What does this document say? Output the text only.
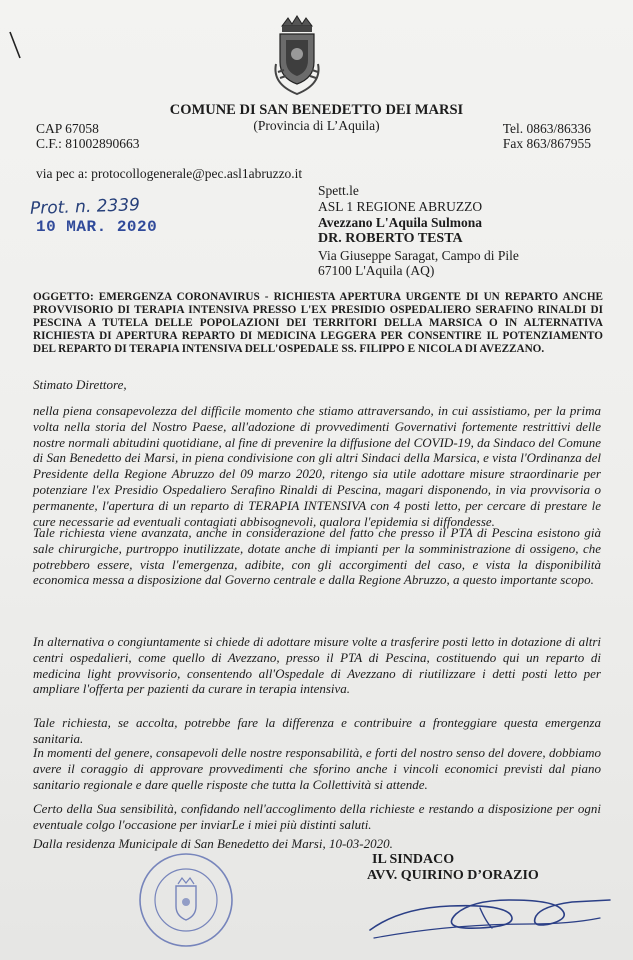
COMUNE DI SAN BENEDETTO DEI MARSI
(Provincia di L’Aquila)
CAP 67058
C.F.: 81002890663
Tel. 0863/86336
Fax 863/867955
via pec a: protocollogenerale@pec.asl1abruzzo.it
Prot. n. 2339
10 MAR. 2020
Spett.le
ASL 1 REGIONE ABRUZZO
Avezzano L'Aquila Sulmona
DR. ROBERTO TESTA
Via Giuseppe Saragat, Campo di Pile
67100 L'Aquila (AQ)
OGGETTO: EMERGENZA CORONAVIRUS - RICHIESTA APERTURA URGENTE DI UN REPARTO ANCHE PROVVISORIO DI TERAPIA INTENSIVA PRESSO L'EX PRESIDIO OSPEDALIERO SERAFINO RINALDI DI PESCINA A TUTELA DELLE POPOLAZIONI DEI TERRITORI DELLA MARSICA O IN ALTERNATIVA RICHIESTA DI APERTURA REPARTO DI MEDICINA LEGGERA PER CONSENTIRE IL POTENZIAMENTO DEL REPARTO DI TERAPIA INTENSIVA DELL'OSPEDALE SS. FILIPPO E NICOLA DI AVEZZANO.
Stimato Direttore,
nella piena consapevolezza del difficile momento che stiamo attraversando, in cui assistiamo, per la prima volta nella storia del Nostro Paese, all'adozione di provvedimenti Governativi fortemente restrittivi delle nostre normali abitudini quotidiane, al fine di prevenire la diffusione del COVID-19, da Sindaco del Comune di San Benedetto dei Marsi, in piena condivisione con gli altri Sindaci della Marsica, e vista l'Ordinanza del Presidente della Regione Abruzzo del 09 marzo 2020, ritengo sia utile adottare misure straordinarie per potenziare l'ex Presidio Ospedaliero Serafino Rinaldi di Pescina, magari disponendo, in via provvisoria o permanente, l'apertura di un reparto di TERAPIA INTENSIVA con 4 posti letto, per cercare di prestare le cure necessarie ad eventuali contagiati abbisognevoli, qualora l'epidemia si diffondesse.
Tale richiesta viene avanzata, anche in considerazione del fatto che presso il PTA di Pescina esistono già sale chirurgiche, purtroppo inutilizzate, dotate anche di impianti per la somministrazione di ossigeno, che potrebbero essere, vista l'emergenza, adibite, con gli accorgimenti del caso, e vista la disponibilità economica messa a disposizione dal Governo centrale e dalla Regione Abruzzo, a questo importante scopo.
In alternativa o congiuntamente si chiede di adottare misure volte a trasferire posti letto in dotazione di altri centri ospedalieri, come quello di Avezzano, presso il PTA di Pescina, costituendo qui un reparto di medicina light provvisorio, consentendo all'Ospedale di Avezzano di riutilizzare i detti posti letto per ampliare l'offerta per pazienti da curare in terapia intensiva.
Tale richiesta, se accolta, potrebbe fare la differenza e contribuire a fronteggiare questa emergenza sanitaria.
In momenti del genere, consapevoli delle nostre responsabilità, e forti del nostro senso del dovere, dobbiamo avere il coraggio di approvare provvedimenti che sforino anche i vincoli economici previsti dal piano sanitario regionale e dare quelle risposte che tutta la Collettività si attende.
Certo della Sua sensibilità, confidando nell'accoglimento della richieste e restando a disposizione per ogni eventuale colgo l'occasione per inviarLe i miei più distinti saluti.
Dalla residenza Municipale di San Benedetto dei Marsi, 10-03-2020.
IL SINDACO
AVV. QUIRINO D’ORAZIO
